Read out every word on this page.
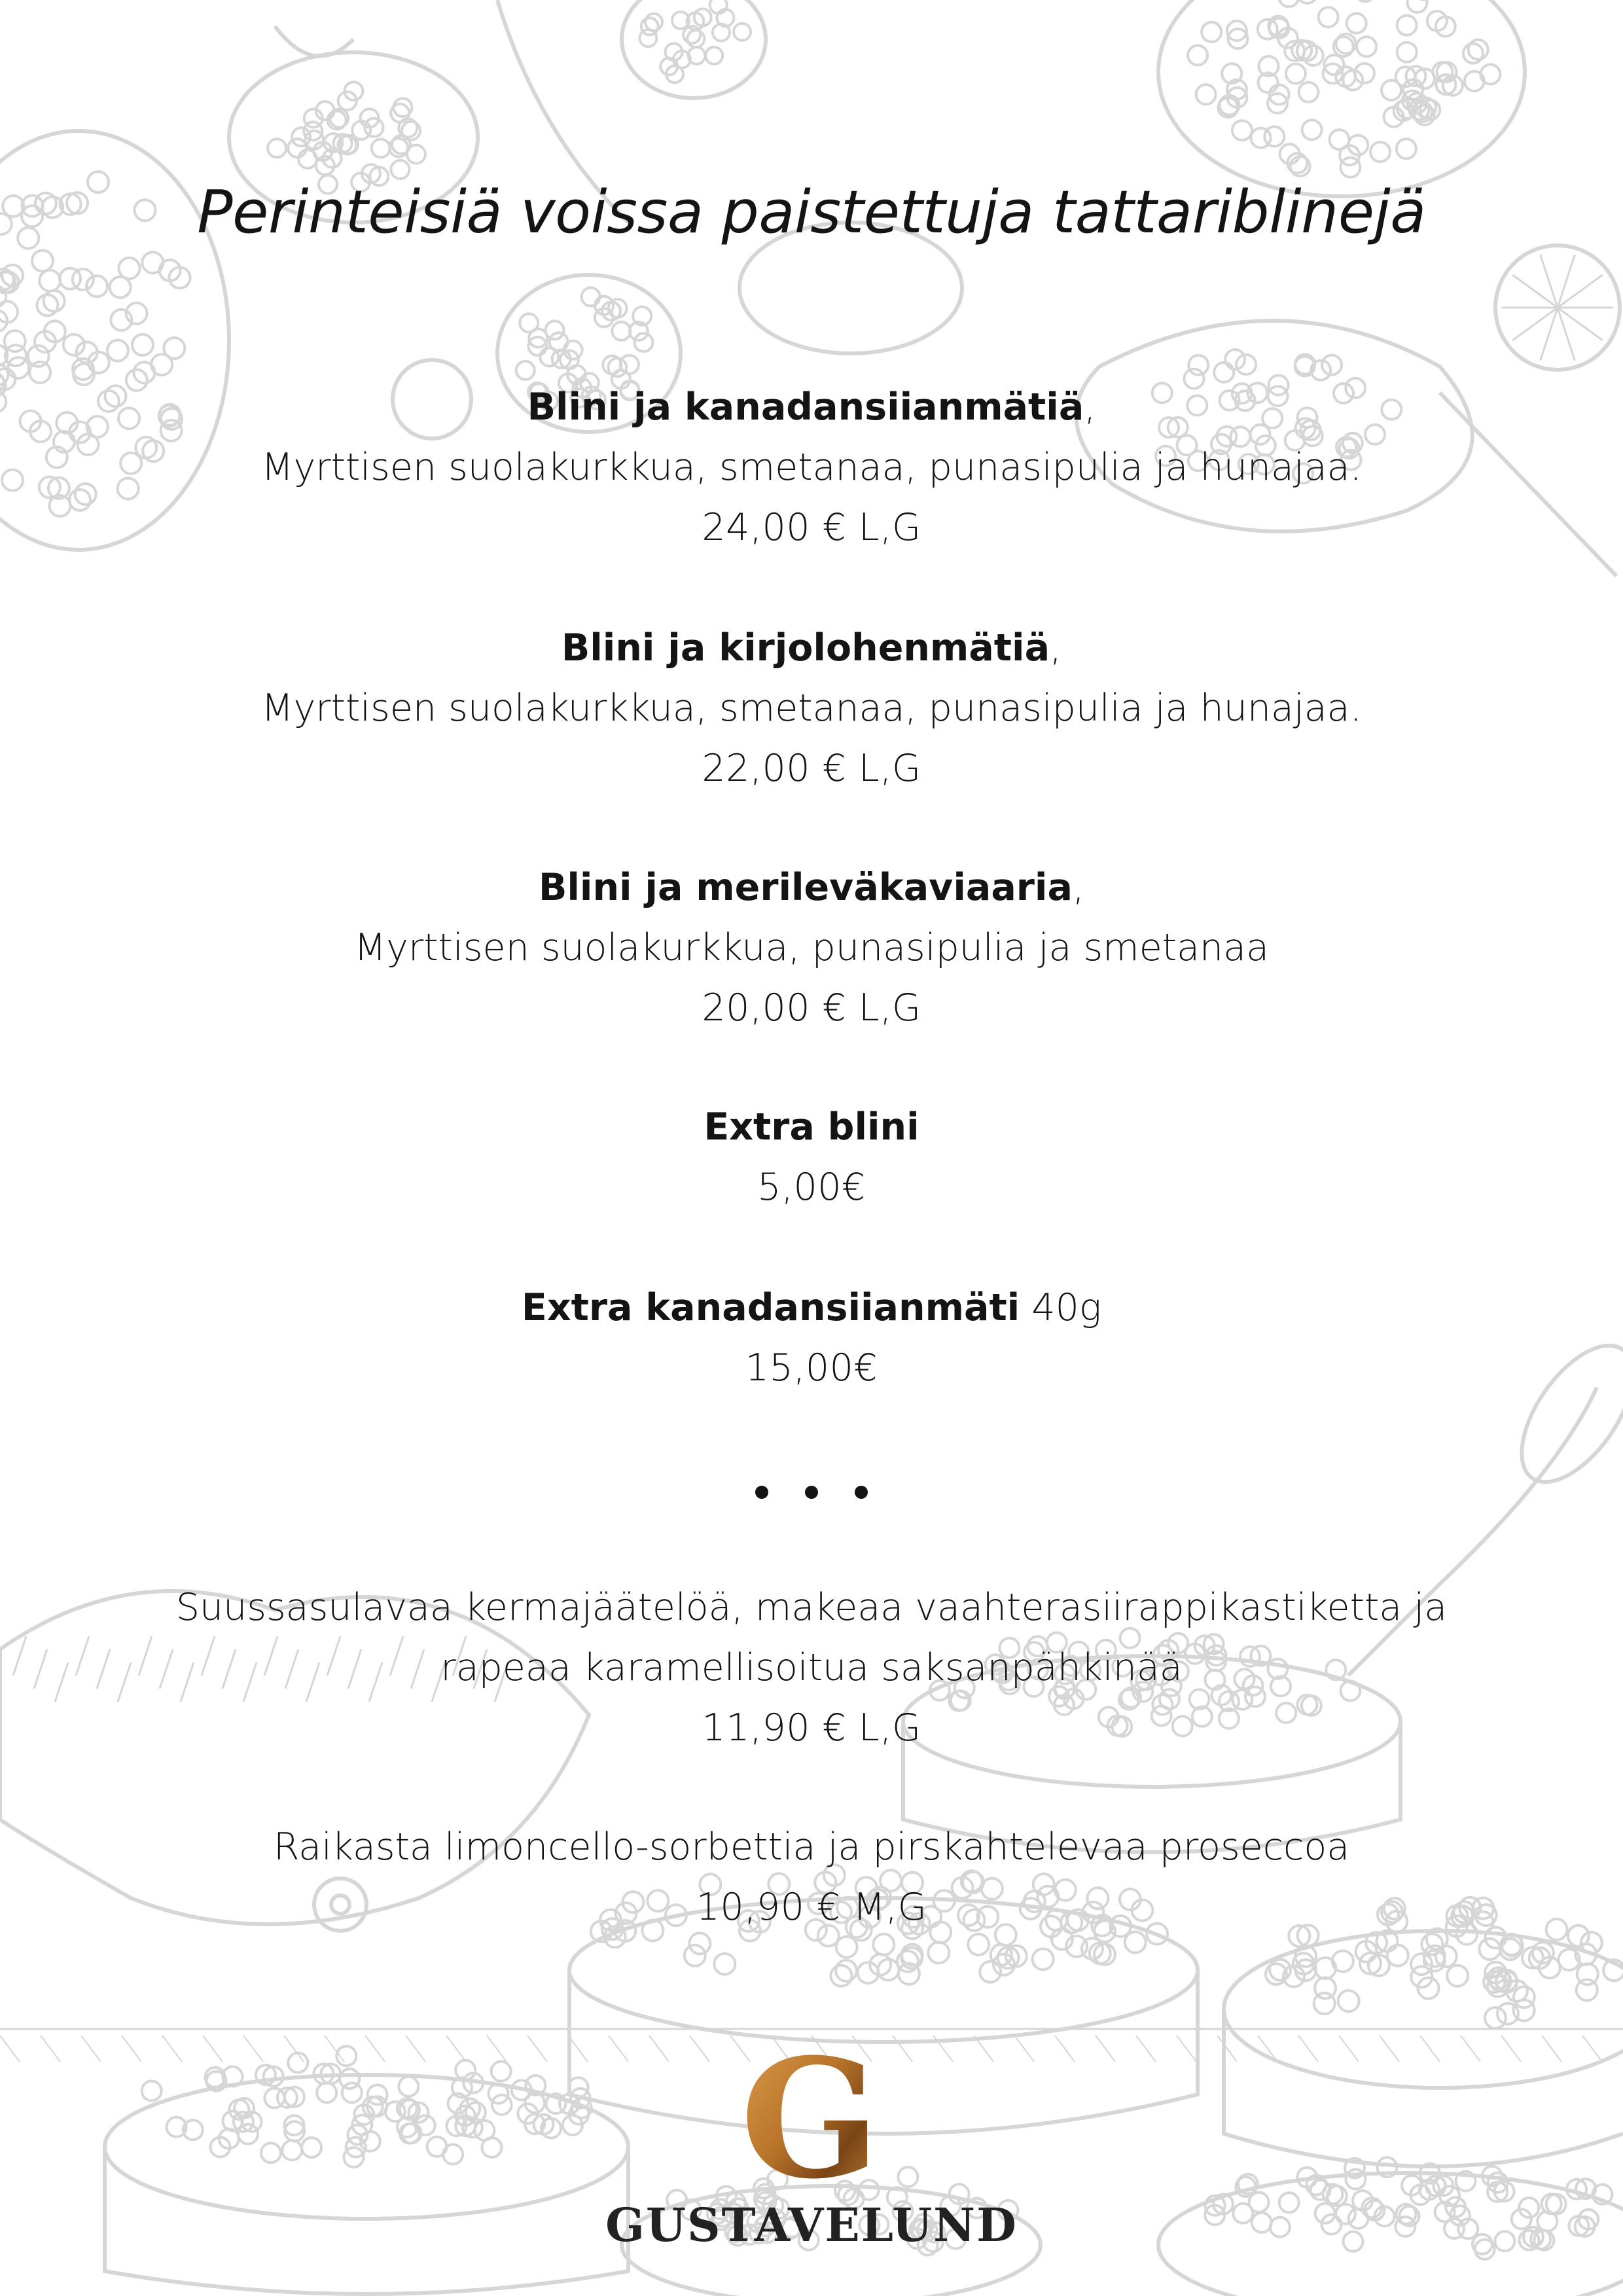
Perinteisiä voissa paistettuja tattariblinejä
Blini ja kanadansiianmätiä,
Myrttisen suolakurkkua, smetanaa, punasipulia ja hunajaa.
24,00 € L,G
Blini ja kirjolohenmätiä,
Myrttisen suolakurkkua, smetanaa, punasipulia ja hunajaa.
22,00 € L,G
Blini ja merileväkaviaaria,
Myrttisen suolakurkkua, punasipulia ja smetanaa
20,00 € L,G
Extra blini
5,00€
Extra kanadansiianmäti 40g
15,00€
Suussasulavaa kermajäätelöä, makeaa vaahterasiirappikastiketta ja
rapeaa karamellisoitua saksanpähkinää
11,90 € L,G
Raikasta limoncello-sorbettia ja pirskahtelevaa proseccoa
10,90 € M,G
G
GUSTAVELUND
